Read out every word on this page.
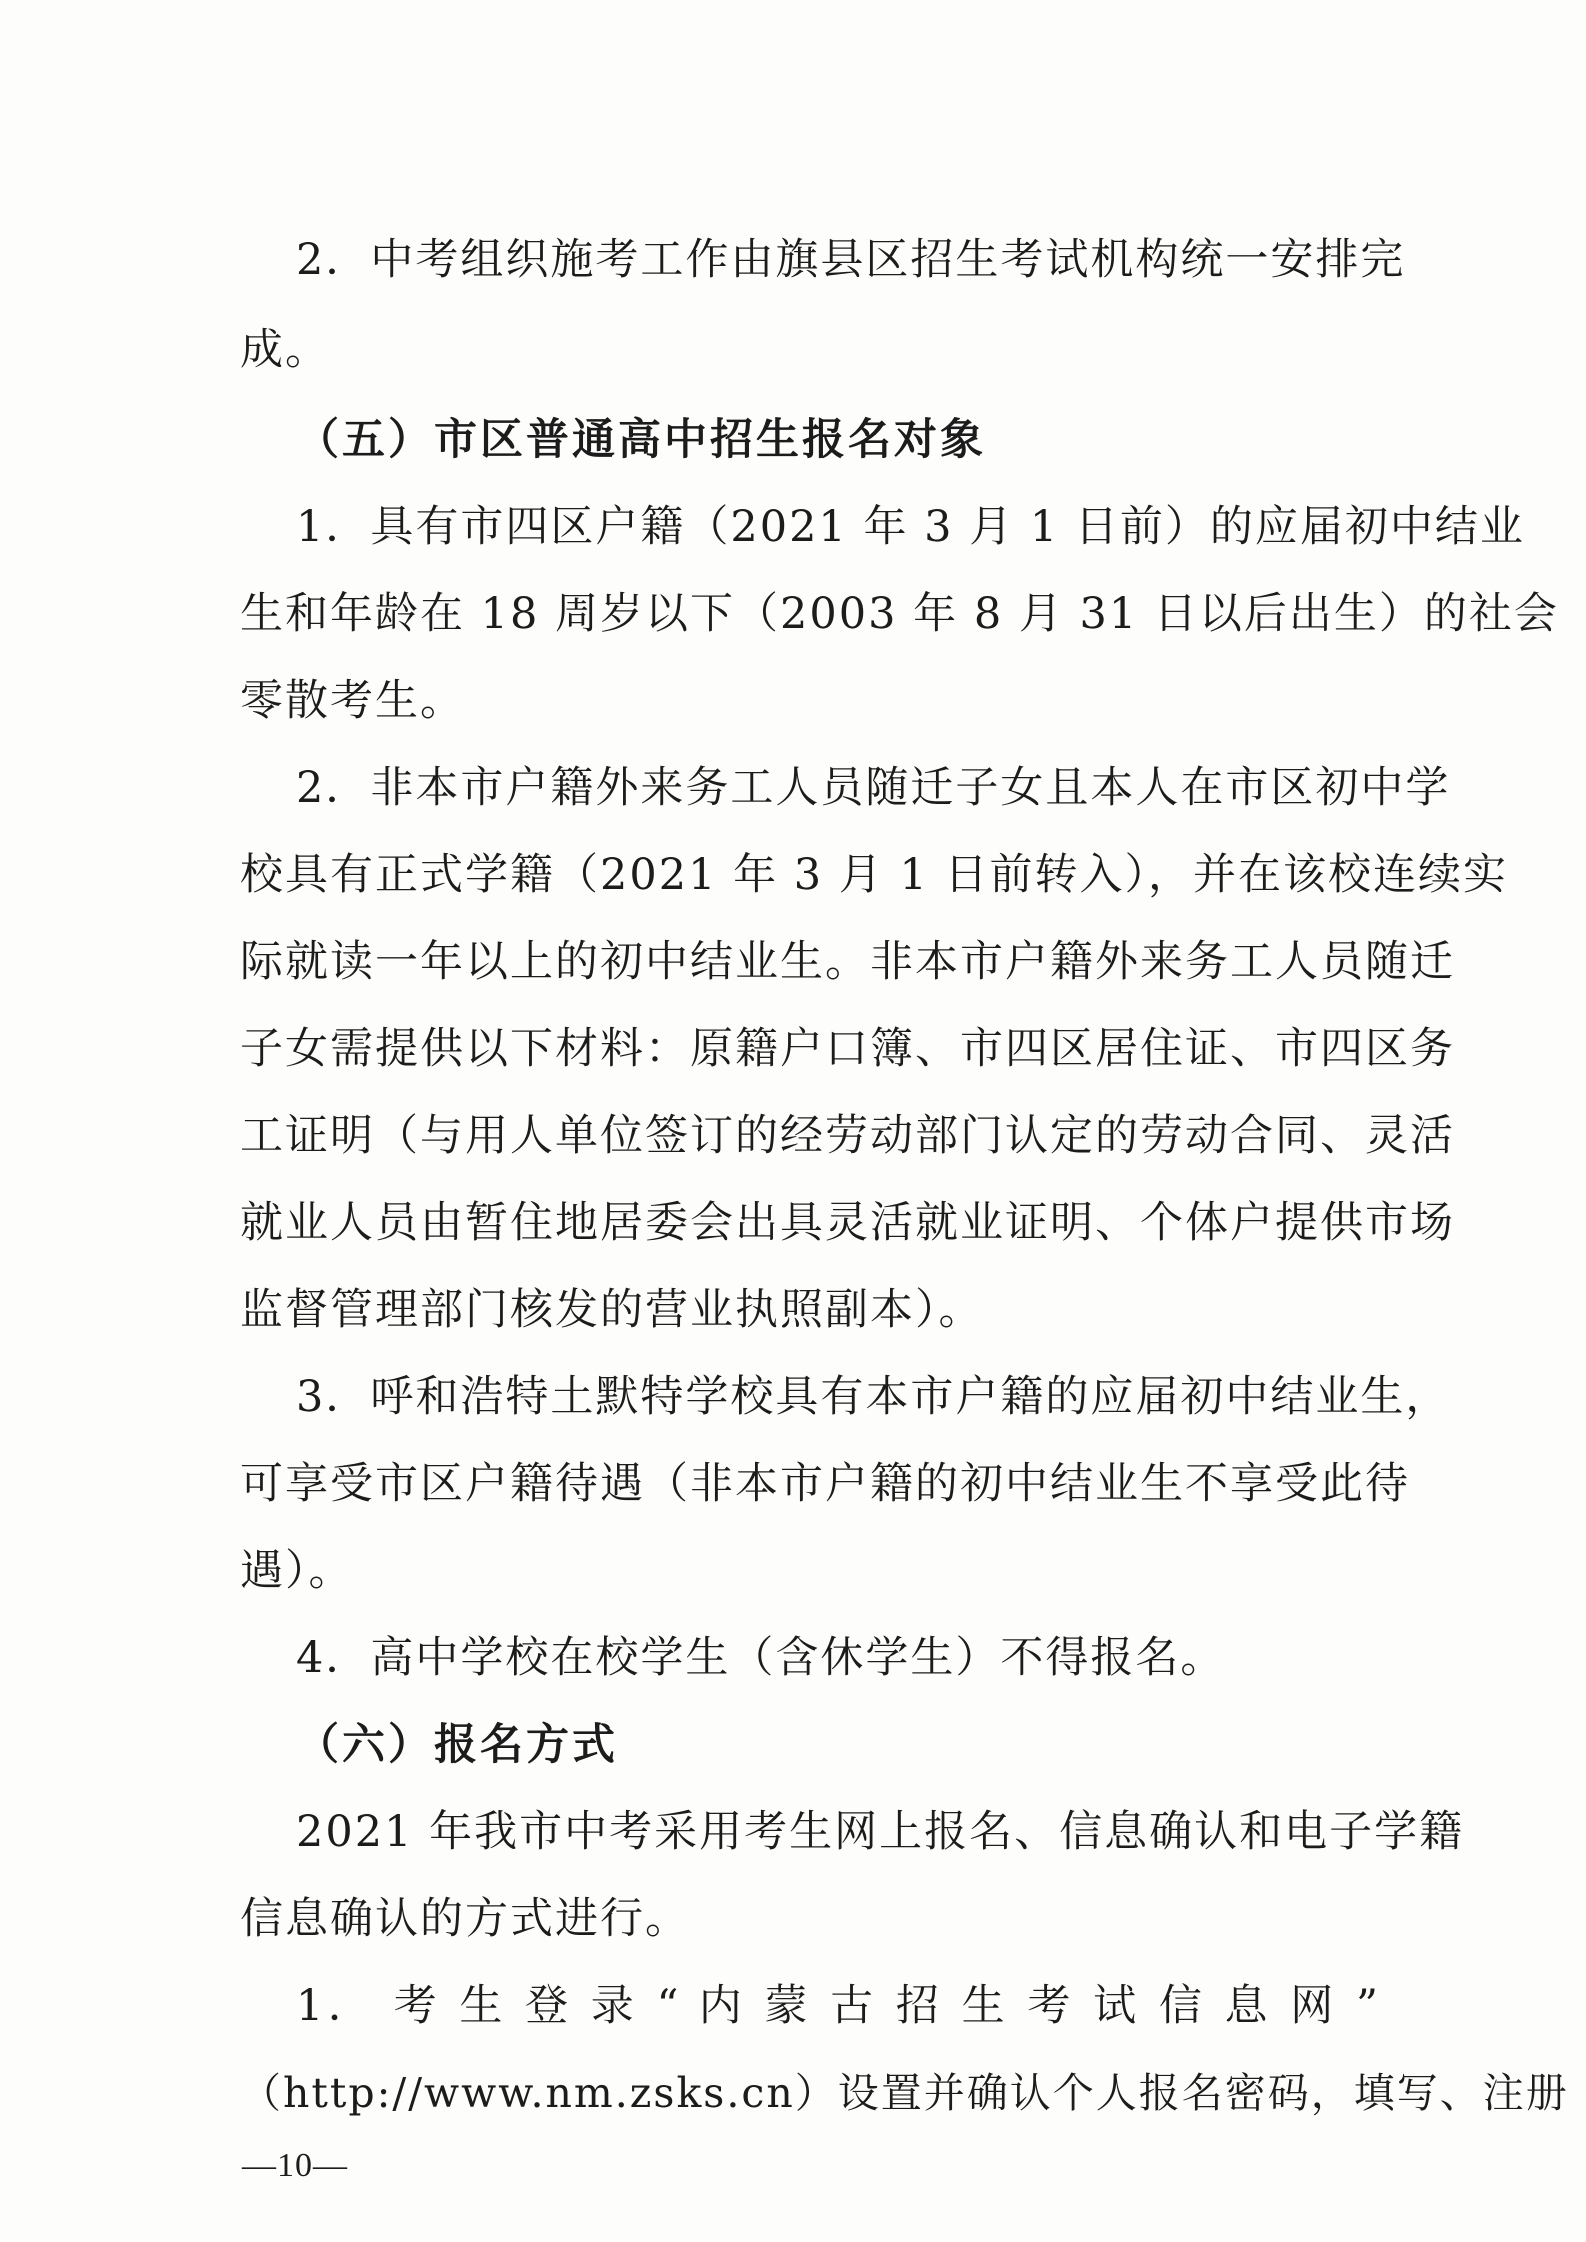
2．中考组织施考工作由旗县区招生考试机构统一安排完
成。
（五）市区普通高中招生报名对象
1．具有市四区户籍（2021 年 3 月 1 日前）的应届初中结业
生和年龄在 18 周岁以下（2003 年 8 月 31 日以后出生）的社会
零散考生。
2．非本市户籍外来务工人员随迁子女且本人在市区初中学
校具有正式学籍（2021 年 3 月 1 日前转入），并在该校连续实
际就读一年以上的初中结业生。非本市户籍外来务工人员随迁
子女需提供以下材料：原籍户口簿、市四区居住证、市四区务
工证明（与用人单位签订的经劳动部门认定的劳动合同、灵活
就业人员由暂住地居委会出具灵活就业证明、个体户提供市场
监督管理部门核发的营业执照副本）。
3．呼和浩特土默特学校具有本市户籍的应届初中结业生，
可享受市区户籍待遇（非本市户籍的初中结业生不享受此待
遇）。
4．高中学校在校学生（含休学生）不得报名。
（六）报名方式
2021 年我市中考采用考生网上报名、信息确认和电子学籍
信息确认的方式进行。
1． 考 生 登 录 “ 内 蒙 古 招 生 考 试 信 息 网 ”
（http://www.nm.zsks.cn）设置并确认个人报名密码，填写、注册
—10—
